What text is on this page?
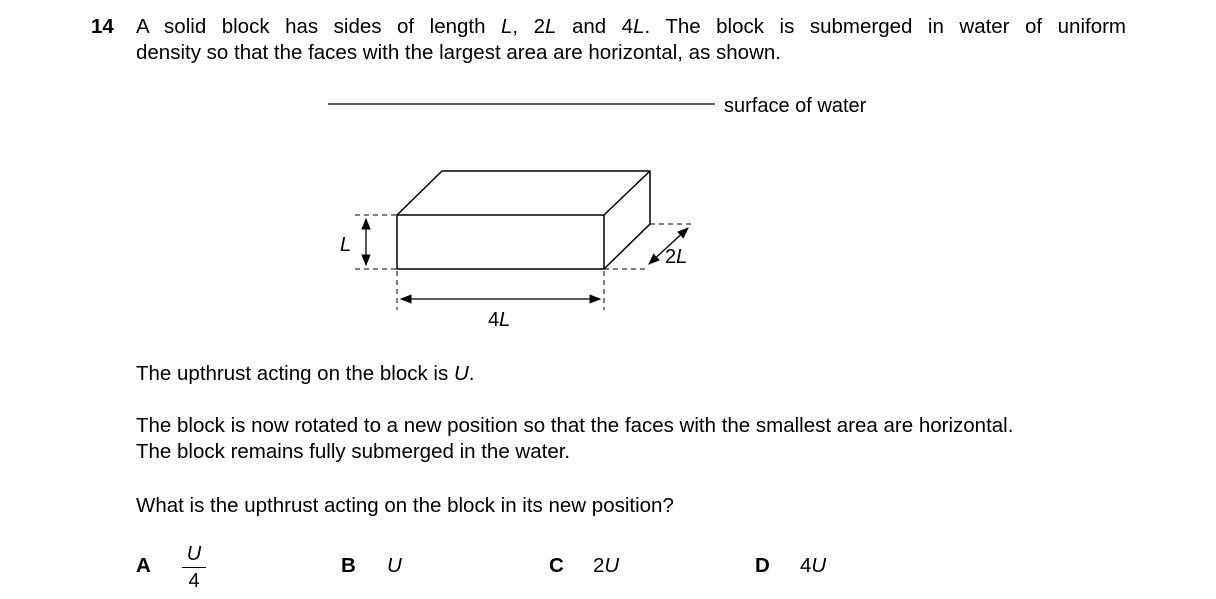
14 A solid block has sides of length L, 2L and 4L. The block is submerged in water of uniform
density so that the faces with the largest area are horizontal, as shown.
surface of water
L
2L
4L
The upthrust acting on the block is U.
The block is now rotated to a new position so that the faces with the smallest area are horizontal.
The block remains fully submerged in the water.
What is the upthrust acting on the block in its new position?
A U
4
B U	C 2U	D 4U
